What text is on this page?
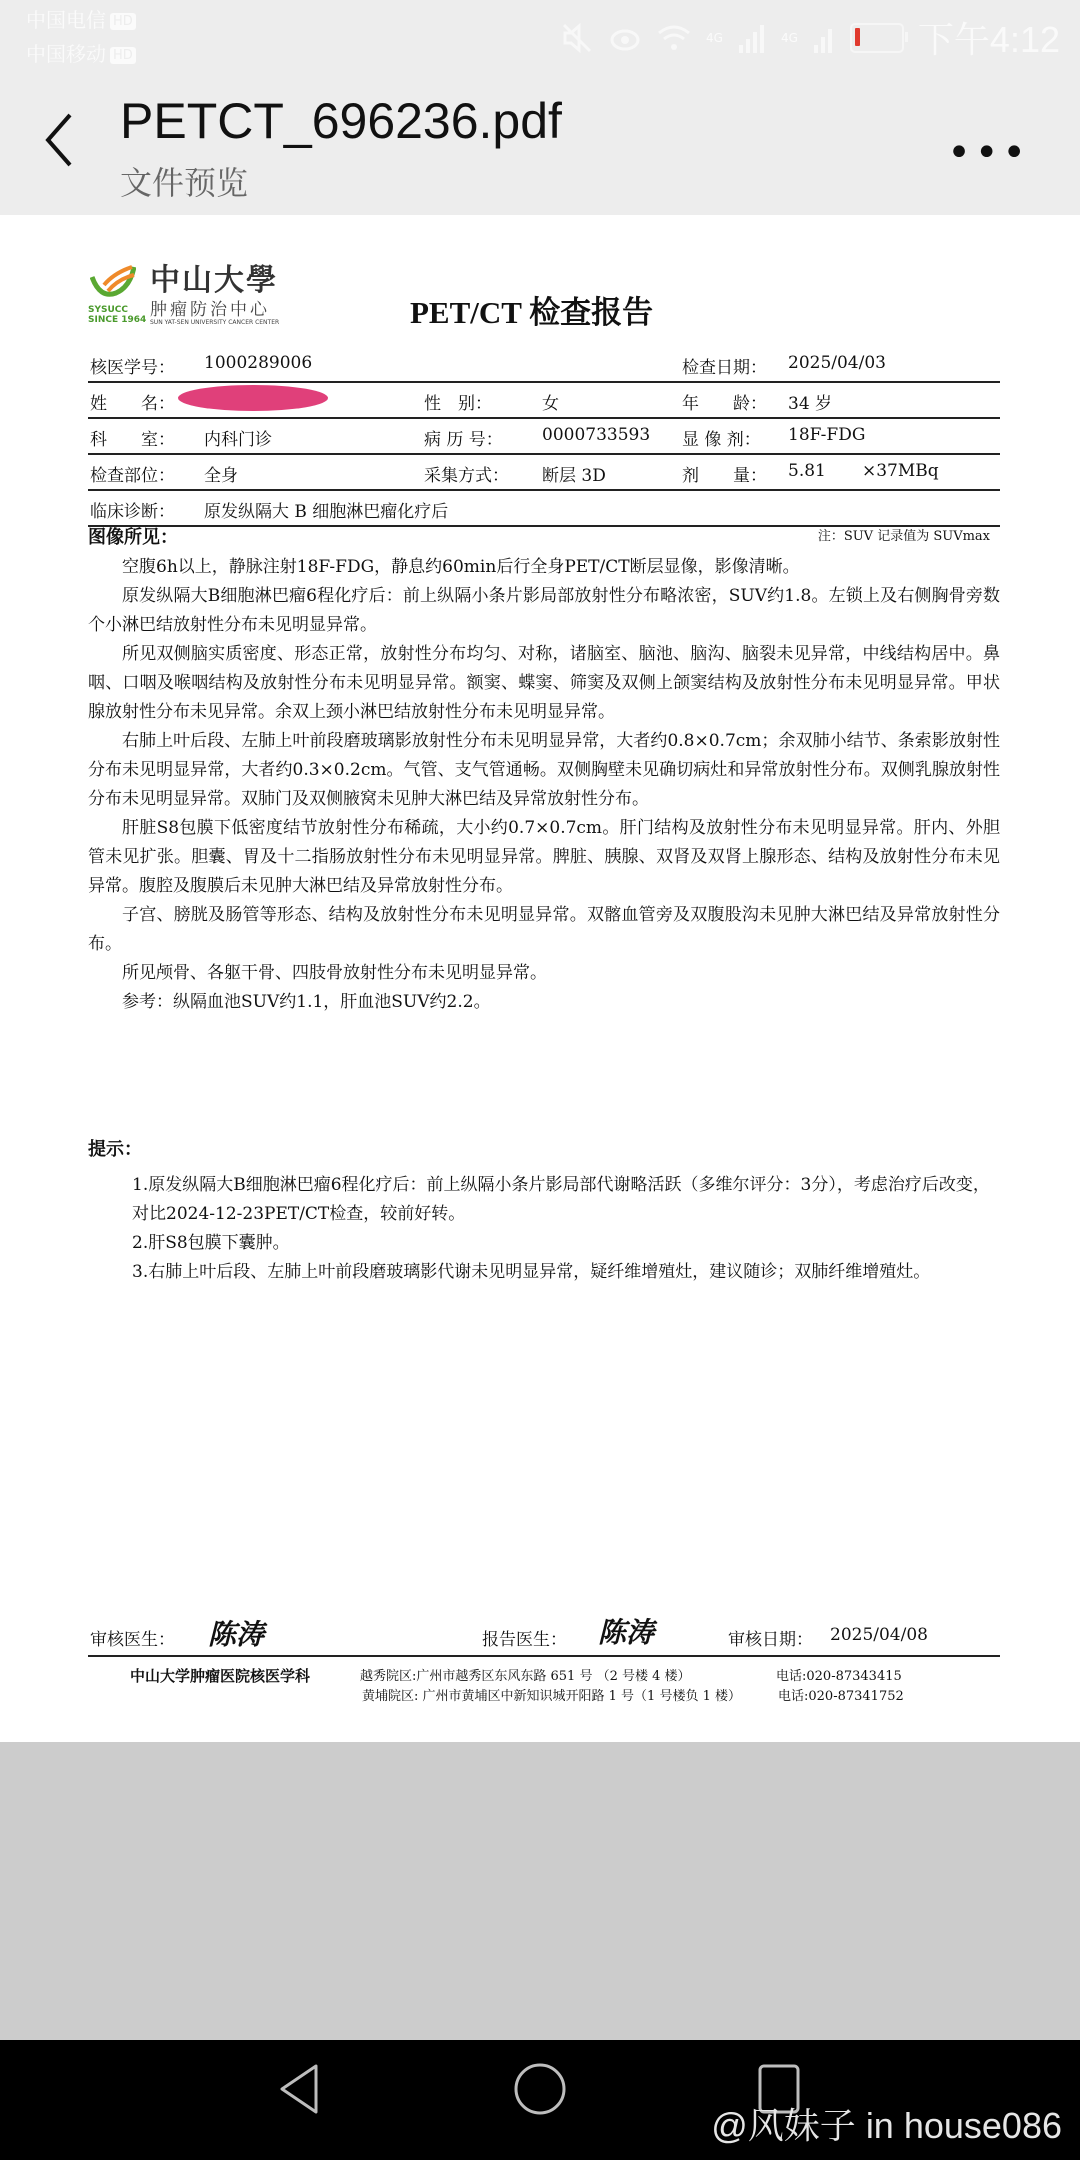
中国电信 HD
中国移动 HD
4G	4G	下午4:12
PETCT_696236.pdf
文件预览
•••
SYSUCC
SINCE 1964
中山大學
肿瘤防治中心
SUN YAT-SEN UNIVERSITY CANCER CENTER	PET/CT 检查报告
核医学号： 1000289006	检查日期： 2025/04/03
姓　　名：	性　别：	女	年　　龄： 34 岁
科　　室： 内科门诊	病 历 号： 0000733593 显 像 剂： 18F-FDG
检查部位： 全身	采集方式： 断层 3D	剂　　量： 5.81 ×37MBq
临床诊断： 原发纵隔大 B 细胞淋巴瘤化疗后
图像所见：	注：SUV 记录值为 SUVmax

空腹6h以上，静脉注射18F-FDG，静息约60min后行全身PET/CT断层显像，影像清晰。

原发纵隔大B细胞淋巴瘤6程化疗后：前上纵隔小条片影局部放射性分布略浓密，SUV约1.8。左锁上及右侧胸骨旁数个小淋巴结放射性分布未见明显异常。

所见双侧脑实质密度、形态正常，放射性分布均匀、对称，诸脑室、脑池、脑沟、脑裂未见异常，中线结构居中。鼻咽、口咽及喉咽结构及放射性分布未见明显异常。额窦、蝶窦、筛窦及双侧上颌窦结构及放射性分布未见明显异常。甲状腺放射性分布未见异常。余双上颈小淋巴结放射性分布未见明显异常。

右肺上叶后段、左肺上叶前段磨玻璃影放射性分布未见明显异常，大者约0.8×0.7cm；余双肺小结节、条索影放射性分布未见明显异常，大者约0.3×0.2cm。气管、支气管通畅。双侧胸壁未见确切病灶和异常放射性分布。双侧乳腺放射性分布未见明显异常。双肺门及双侧腋窝未见肿大淋巴结及异常放射性分布。

肝脏S8包膜下低密度结节放射性分布稀疏，大小约0.7×0.7cm。肝门结构及放射性分布未见明显异常。肝内、外胆管未见扩张。胆囊、胃及十二指肠放射性分布未见明显异常。脾脏、胰腺、双肾及双肾上腺形态、结构及放射性分布未见异常。腹腔及腹膜后未见肿大淋巴结及异常放射性分布。

子宫、膀胱及肠管等形态、结构及放射性分布未见明显异常。双髂血管旁及双腹股沟未见肿大淋巴结及异常放射性分布。

所见颅骨、各躯干骨、四肢骨放射性分布未见明显异常。

参考：纵隔血池SUV约1.1，肝血池SUV约2.2。

提示：

1.原发纵隔大B细胞淋巴瘤6程化疗后：前上纵隔小条片影局部代谢略活跃（多维尔评分：3分），考虑治疗后改变，对比2024-12-23PET/CT检查，较前好转。

2.肝S8包膜下囊肿。

3.右肺上叶后段、左肺上叶前段磨玻璃影代谢未见明显异常，疑纤维增殖灶，建议随诊；双肺纤维增殖灶。

审核医生： 陈涛	报告医生： 陈涛	审核日期： 2025/04/08
中山大学肿瘤医院核医学科	越秀院区:广州市越秀区东风东路 651 号 （2 号楼 4 楼）	电话:020-87343415
黄埔院区: 广州市黄埔区中新知识城开阳路 1 号（1 号楼负 1 楼）	电话:020-87341752
@风妹子 in house086
